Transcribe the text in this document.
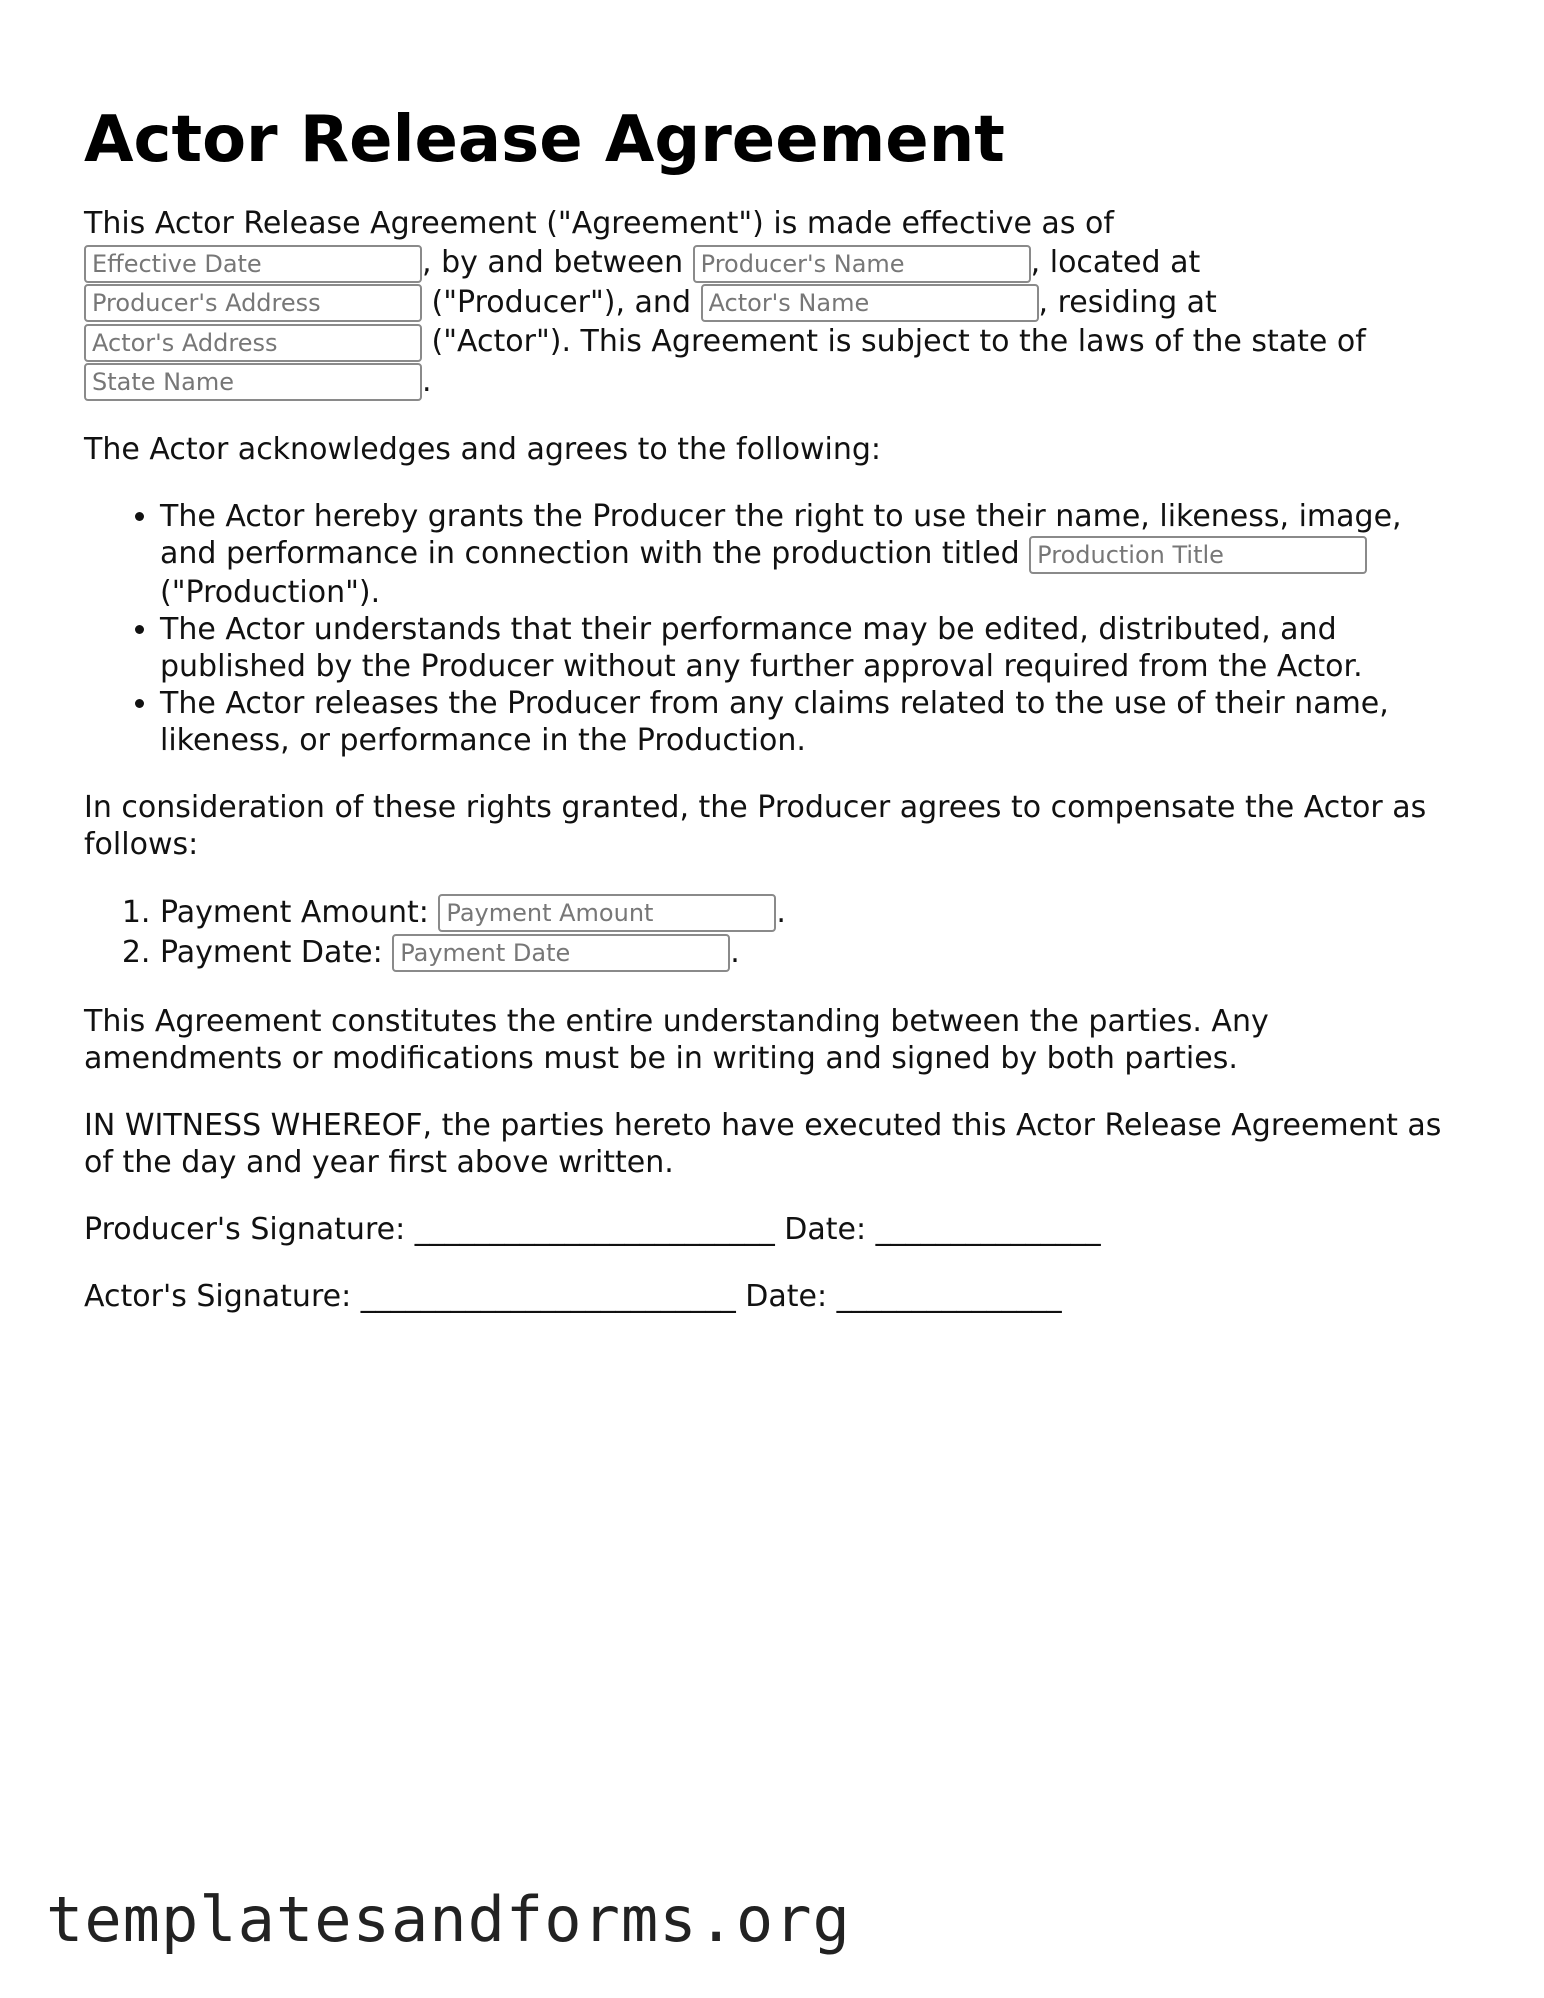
Actor Release Agreement

This Actor Release Agreement ("Agreement") is made effective as of
Effective Date, by and between Producer's Name	, located at
Producer's Address ("Producer"), and Actor's Name	, residing at
Actor's Address ("Actor"). This Agreement is subject to the laws of the state of
State Name.

The Actor acknowledges and agrees to the following:

• The Actor hereby grants the Producer the right to use their name, likeness, image, and performance in connection with the production titled Production Title ("Production").
• The Actor understands that their performance may be edited, distributed, and published by the Producer without any further approval required from the Actor.
• The Actor releases the Producer from any claims related to the use of their name, likeness, or performance in the Production.

In consideration of these rights granted, the Producer agrees to compensate the Actor as follows:

1. Payment Amount: Payment Amount	.
2. Payment Date: Payment Date	.

This Agreement constitutes the entire understanding between the parties. Any amendments or modifications must be in writing and signed by both parties.

IN WITNESS WHEREOF, the parties hereto have executed this Actor Release Agreement as of the day and year first above written.

Producer's Signature: ________________________ Date: _______________

Actor's Signature: _________________________ Date: _______________

templatesandforms.org
